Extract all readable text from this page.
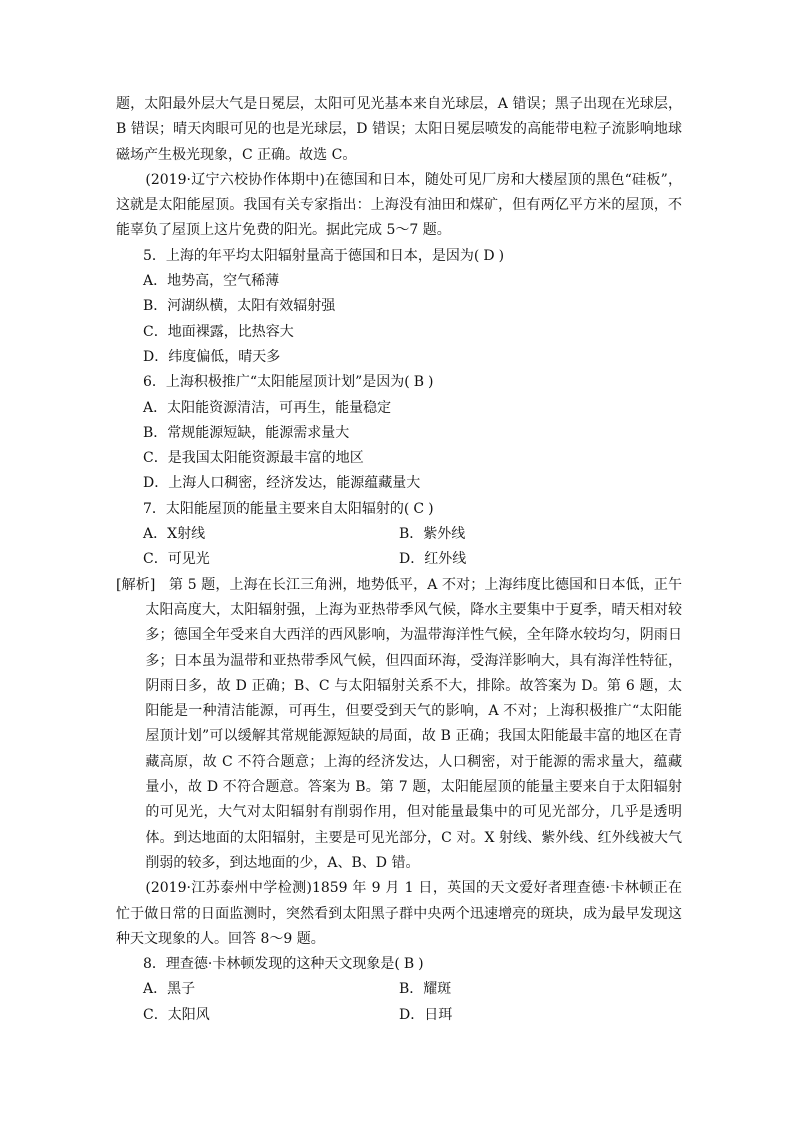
题，太阳最外层大气是日冕层，太阳可见光基本来自光球层，A 错误；黑子出现在光球层，B 错误；晴天肉眼可见的也是光球层，D 错误；太阳日冕层喷发的高能带电粒子流影响地球磁场产生极光现象，C 正确。故选 C。

(2019·辽宁六校协作体期中)在德国和日本，随处可见厂房和大楼屋顶的黑色“硅板”，这就是太阳能屋顶。我国有关专家指出：上海没有油田和煤矿，但有两亿平方米的屋顶，不能辜负了屋顶上这片免费的阳光。据此完成 5～7 题。

5．上海的年平均太阳辐射量高于德国和日本，是因为( D )

A．地势高，空气稀薄

B．河湖纵横，太阳有效辐射强

C．地面裸露，比热容大

D．纬度偏低，晴天多

6．上海积极推广“太阳能屋顶计划”是因为( B )

A．太阳能资源清洁，可再生，能量稳定

B．常规能源短缺，能源需求量大

C．是我国太阳能资源最丰富的地区

D．上海人口稠密，经济发达，能源蕴藏量大

7．太阳能屋顶的能量主要来自太阳辐射的( C )

A．X射线	B．紫外线
C．可见光	D．红外线

[解析] 第 5 题，上海在长江三角洲，地势低平，A 不对；上海纬度比德国和日本低，正午太阳高度大，太阳辐射强，上海为亚热带季风气候，降水主要集中于夏季，晴天相对较多；德国全年受来自大西洋的西风影响，为温带海洋性气候，全年降水较均匀，阴雨日多；日本虽为温带和亚热带季风气候，但四面环海，受海洋影响大，具有海洋性特征，阴雨日多，故 D 正确；B、C 与太阳辐射关系不大，排除。故答案为 D。第 6 题，太阳能是一种清洁能源，可再生，但要受到天气的影响，A 不对；上海积极推广“太阳能屋顶计划”可以缓解其常规能源短缺的局面，故 B 正确；我国太阳能最丰富的地区在青藏高原，故 C 不符合题意；上海的经济发达，人口稠密，对于能源的需求量大，蕴藏量小，故 D 不符合题意。答案为 B。第 7 题，太阳能屋顶的能量主要来自于太阳辐射的可见光，大气对太阳辐射有削弱作用，但对能量最集中的可见光部分，几乎是透明体。到达地面的太阳辐射，主要是可见光部分，C 对。X 射线、紫外线、红外线被大气削弱的较多，到达地面的少，A、B、D 错。

(2019·江苏泰州中学检测)1859 年 9 月 1 日，英国的天文爱好者理查德·卡林顿正在忙于做日常的日面监测时，突然看到太阳黑子群中央两个迅速增亮的斑块，成为最早发现这种天文现象的人。回答 8～9 题。

8．理查德·卡林顿发现的这种天文现象是( B )

A．黑子	B．耀斑
C．太阳风	D．日珥
